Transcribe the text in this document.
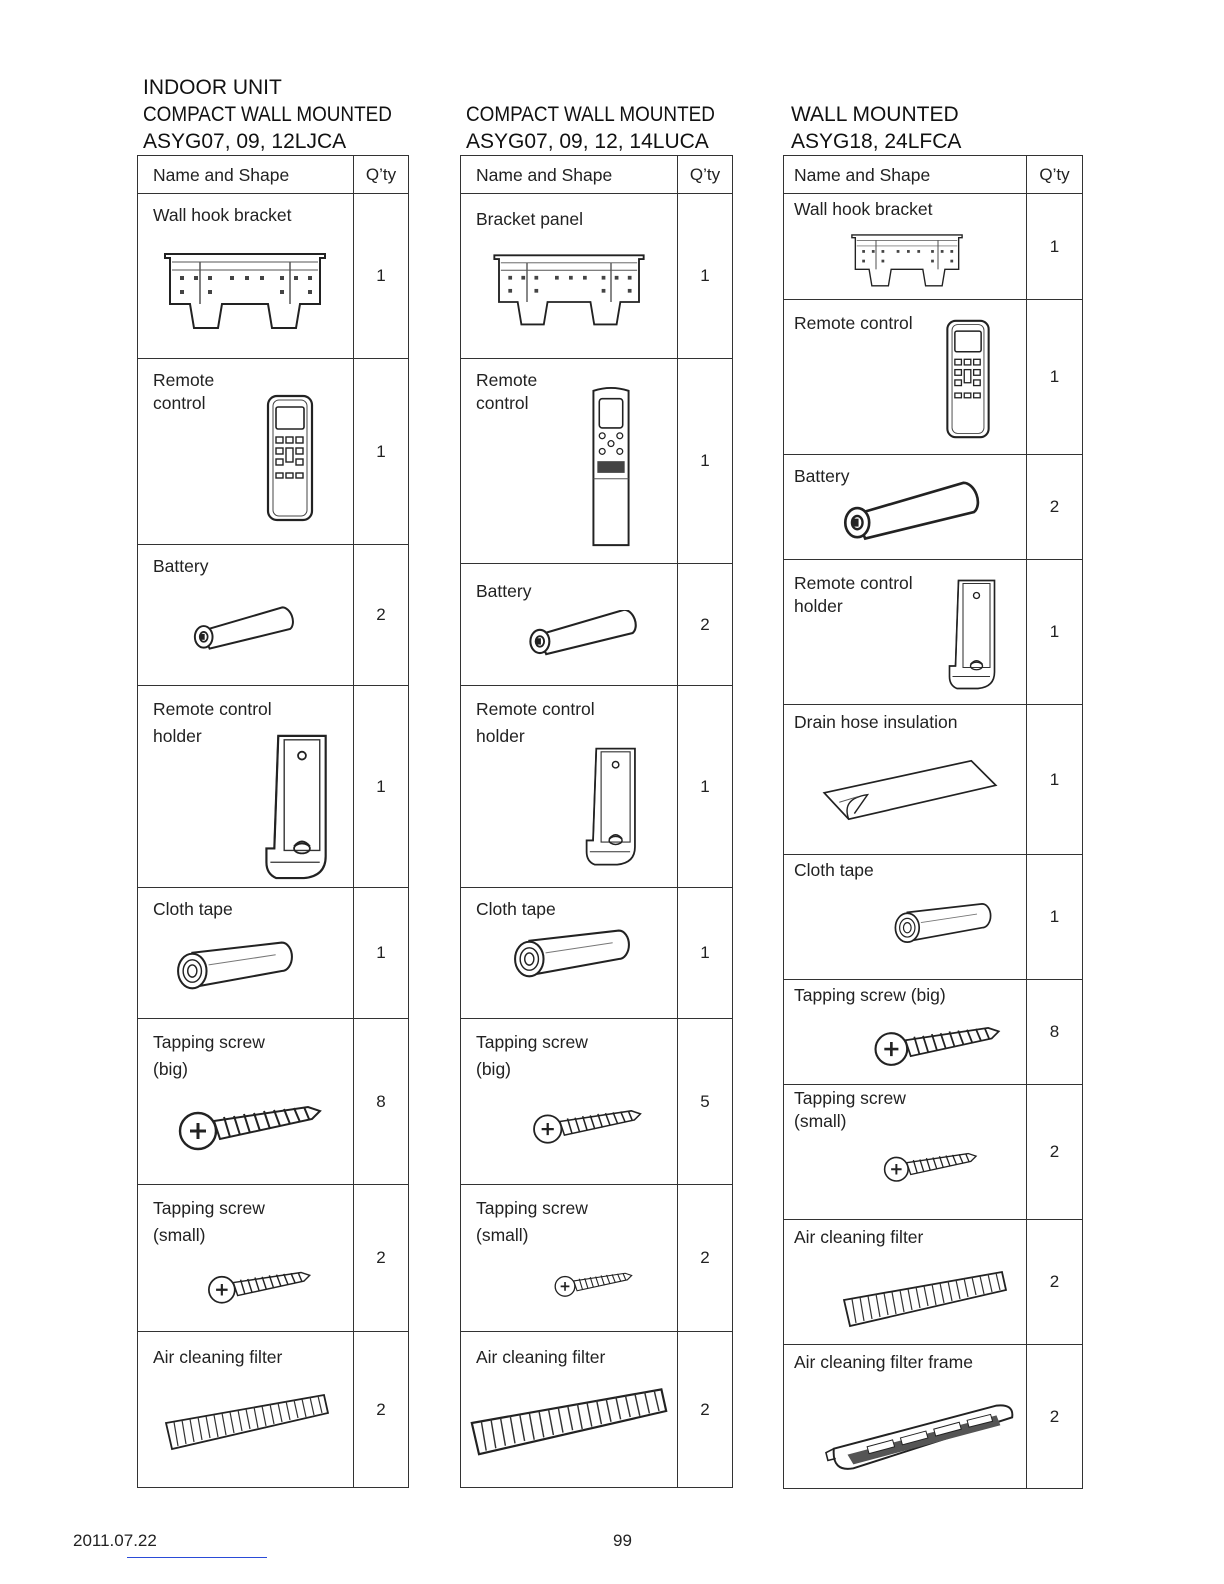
INDOOR UNIT
COMPACT WALL MOUNTED
ASYG07, 09, 12LJCA
COMPACT WALL MOUNTED
ASYG07, 09, 12, 14LUCA
WALL MOUNTED
ASYG18, 24LFCA
Name and Shape	Q’ty

Wall hook bracket	1

Remote
control	1

Battery	2

Remote control
holder	1

Cloth tape	1

Tapping screw
(big)	8

Tapping screw
(small)	2

Air cleaning filter	2
Name and Shape	Q’ty

Bracket panel	1

Remote
control	1

Battery	2

Remote control
holder	1

Cloth tape	1

Tapping screw
(big)	5

Tapping screw
(small)	2

Air cleaning filter	2
Name and Shape	Q’ty

Wall hook bracket	1

Remote control	1

Battery	2

Remote control
holder	1

Drain hose insulation	1

Cloth tape	1

Tapping screw (big)	8

Tapping screw
(small)	2

Air cleaning filter	2

Air cleaning filter frame	2
2011.07.22	99
